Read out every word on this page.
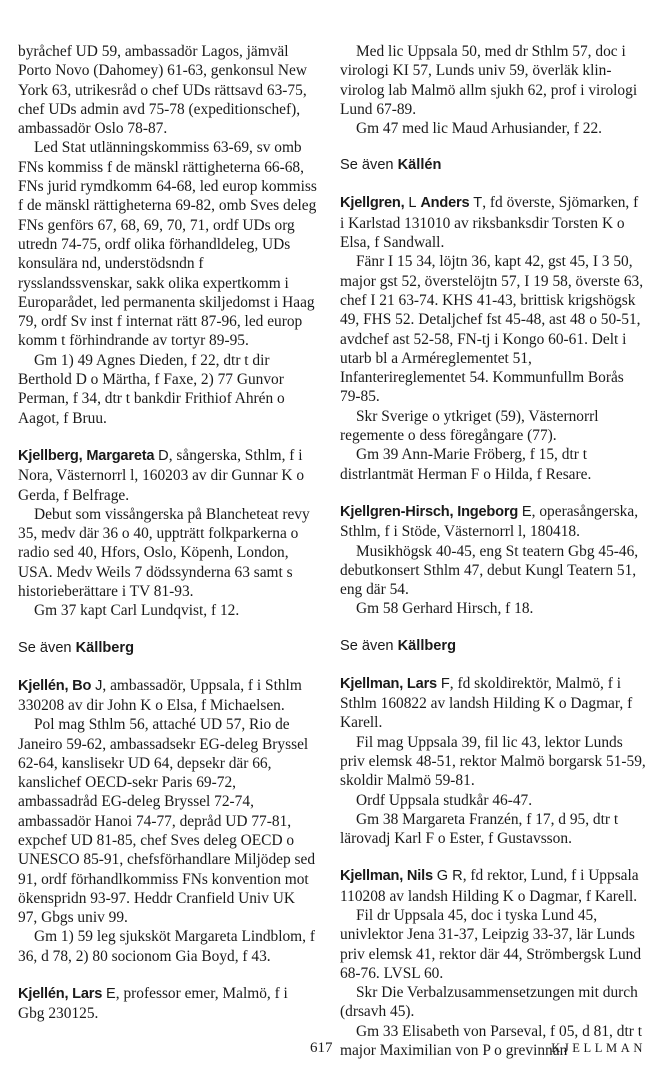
byråchef UD 59, ambassadör Lagos, jämväl Porto Novo (Dahomey) 61-63, genkonsul New York 63, utrikesråd o chef UDs rättsavd 63-75, chef UDs admin avd 75-78 (expeditionschef), ambassadör Oslo 78-87.

Led Stat utlänningskommiss 63-69, sv omb FNs kommiss f de mänskl rättigheterna 66-68, FNs jurid rymdkomm 64-68, led europ kommiss f de mänskl rättigheterna 69-82, omb Sves deleg FNs genförs 67, 68, 69, 70, 71, ordf UDs org utredn 74-75, ordf olika förhandldeleg, UDs konsulära nd, understödsndn f rysslandssvenskar, sakk olika expertkomm i Europarådet, led permanenta skiljedomst i Haag 79, ordf Sv inst f internat rätt 87-96, led europ komm t förhindrande av tortyr 89-95.

Gm 1) 49 Agnes Dieden, f 22, dtr t dir Berthold D o Märtha, f Faxe, 2) 77 Gunvor Perman, f 34, dtr t bankdir Frithiof Ahrén o Aagot, f Bruu.

Kjellberg, Margareta D, sångerska, Sthlm, f i Nora, Västernorrl l, 160203 av dir Gunnar K o Gerda, f Belfrage.

Debut som vissångerska på Blancheteat revy 35, medv där 36 o 40, uppträtt folkparkerna o radio sed 40, Hfors, Oslo, Köpenh, London, USA. Medv Weils 7 dödssynderna 63 samt s historieberättare i TV 81-93.

Gm 37 kapt Carl Lundqvist, f 12.

Se även Källberg

Kjellén, Bo J, ambassadör, Uppsala, f i Sthlm 330208 av dir John K o Elsa, f Michaelsen.

Pol mag Sthlm 56, attaché UD 57, Rio de Janeiro 59-62, ambassadsekr EG-deleg Bryssel 62-64, kanslisekr UD 64, depsekr där 66, kanslichef OECD-sekr Paris 69-72, ambassadråd EG-deleg Bryssel 72-74, ambassadör Hanoi 74-77, depråd UD 77-81, expchef UD 81-85, chef Sves deleg OECD o UNESCO 85-91, chefsförhandlare Miljödep sed 91, ordf förhandlkommiss FNs konvention mot ökenspridn 93-97. Heddr Cranfield Univ UK 97, Gbgs univ 99.

Gm 1) 59 leg sjuksköt Margareta Lindblom, f 36, d 78, 2) 80 socionom Gia Boyd, f 43.

Kjellén, Lars E, professor emer, Malmö, f i Gbg 230125.

Med lic Uppsala 50, med dr Sthlm 57, doc i virologi KI 57, Lunds univ 59, överläk klin-virolog lab Malmö allm sjukh 62, prof i virologi Lund 67-89.

Gm 47 med lic Maud Arhusiander, f 22.

Se även Källén

Kjellgren, L Anders T, fd överste, Sjömarken, f i Karlstad 131010 av riksbanksdir Torsten K o Elsa, f Sandwall.

Fänr I 15 34, löjtn 36, kapt 42, gst 45, I 3 50, major gst 52, överstelöjtn 57, I 19 58, överste 63, chef I 21 63-74. KHS 41-43, brittisk krigshögsk 49, FHS 52. Detaljchef fst 45-48, ast 48 o 50-51, avdchef ast 52-58, FN-tj i Kongo 60-61. Delt i utarb bl a Arméreglementet 51, Infanterireglementet 54. Kommunfullm Borås 79-85.

Skr Sverige o ytkriget (59), Västernorrl regemente o dess föregångare (77).

Gm 39 Ann-Marie Fröberg, f 15, dtr t distrlantmät Herman F o Hilda, f Resare.

Kjellgren-Hirsch, Ingeborg E, operasångerska, Sthlm, f i Stöde, Västernorrl l, 180418.

Musikhögsk 40-45, eng St teatern Gbg 45-46, debutkonsert Sthlm 47, debut Kungl Teatern 51, eng där 54.

Gm 58 Gerhard Hirsch, f 18.

Se även Källberg

Kjellman, Lars F, fd skoldirektör, Malmö, f i Sthlm 160822 av landsh Hilding K o Dagmar, f Karell.

Fil mag Uppsala 39, fil lic 43, lektor Lunds priv elemsk 48-51, rektor Malmö borgarsk 51-59, skoldir Malmö 59-81.

Ordf Uppsala studkår 46-47.

Gm 38 Margareta Franzén, f 17, d 95, dtr t lärovadj Karl F o Ester, f Gustavsson.

Kjellman, Nils G R, fd rektor, Lund, f i Uppsala 110208 av landsh Hilding K o Dagmar, f Karell.

Fil dr Uppsala 45, doc i tyska Lund 45, univlektor Jena 31-37, Leipzig 33-37, lär Lunds priv elemsk 41, rektor där 44, Strömbergsk Lund 68-76. LVSL 60.

Skr Die Verbalzusammensetzungen mit durch (drsavh 45).

Gm 33 Elisabeth von Parseval, f 05, d 81, dtr t major Maximilian von P o grevinnan

617	KJELLMAN
